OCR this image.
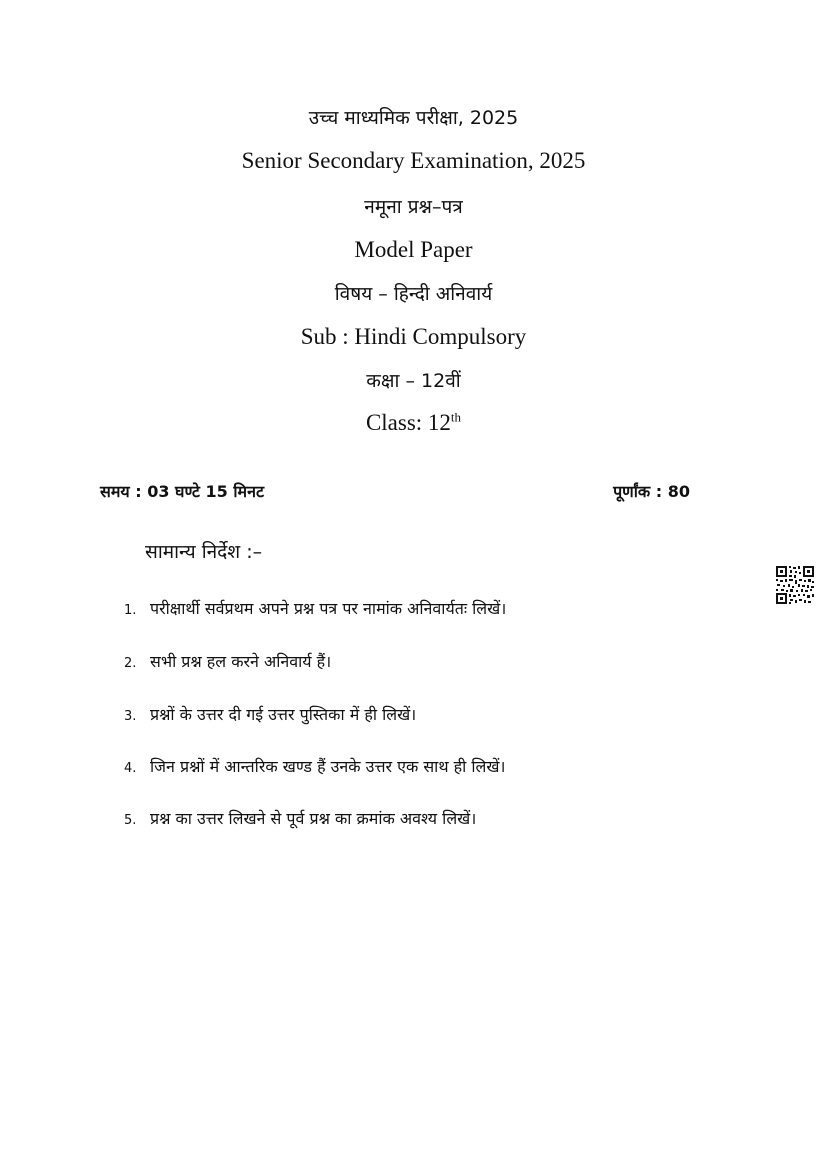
उच्च माध्यमिक परीक्षा, 2025
Senior Secondary Examination, 2025
नमूना प्रश्न–पत्र
Model Paper
विषय – हिन्दी अनिवार्य
Sub : Hindi Compulsory
कक्षा – 12वीं
Class: 12th
समय : 03 घण्टे 15 मिनट	पूर्णांक : 80
सामान्य निर्देश :–
1. परीक्षार्थी सर्वप्रथम अपने प्रश्न पत्र पर नामांक अनिवार्यतः लिखें।
2. सभी प्रश्न हल करने अनिवार्य हैं।
3. प्रश्नों के उत्तर दी गई उत्तर पुस्तिका में ही लिखें।
4. जिन प्रश्नों में आन्तरिक खण्ड हैं उनके उत्तर एक साथ ही लिखें।
5. प्रश्न का उत्तर लिखने से पूर्व प्रश्न का क्रमांक अवश्य लिखें।
